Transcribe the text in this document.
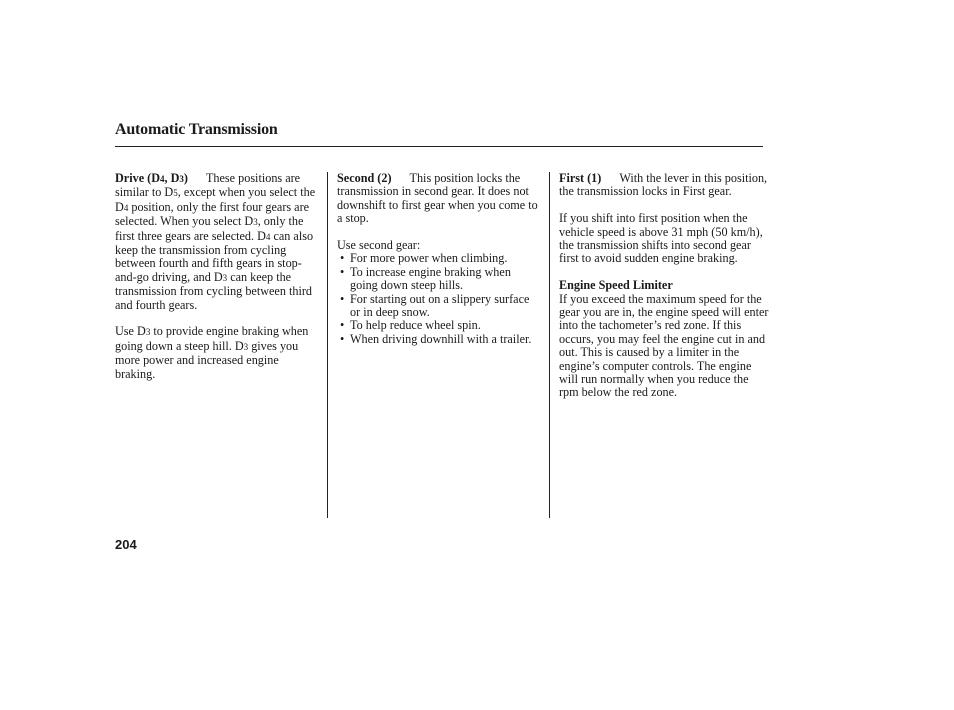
Automatic Transmission

Drive (D4, D3) These positions are similar to D5, except when you select the D4 position, only the first four gears are selected. When you select D3, only the first three gears are selected. D4 can also keep the transmission from cycling between fourth and fifth gears in stop-and-go driving, and D3 can keep the transmission from cycling between third and fourth gears.

Use D3 to provide engine braking when going down a steep hill. D3 gives you more power and increased engine braking.

Second (2) This position locks the transmission in second gear. It does not downshift to first gear when you come to a stop.

Use second gear:
• For more power when climbing.
• To increase engine braking when going down steep hills.
• For starting out on a slippery surface or in deep snow.
• To help reduce wheel spin.
• When driving downhill with a trailer.

First (1) With the lever in this position, the transmission locks in First gear.

If you shift into first position when the vehicle speed is above 31 mph (50 km/h), the transmission shifts into second gear first to avoid sudden engine braking.

Engine Speed Limiter

If you exceed the maximum speed for the gear you are in, the engine speed will enter into the tachometer’s red zone. If this occurs, you may feel the engine cut in and out. This is caused by a limiter in the engine’s computer controls. The engine will run normally when you reduce the rpm below the red zone.

204
